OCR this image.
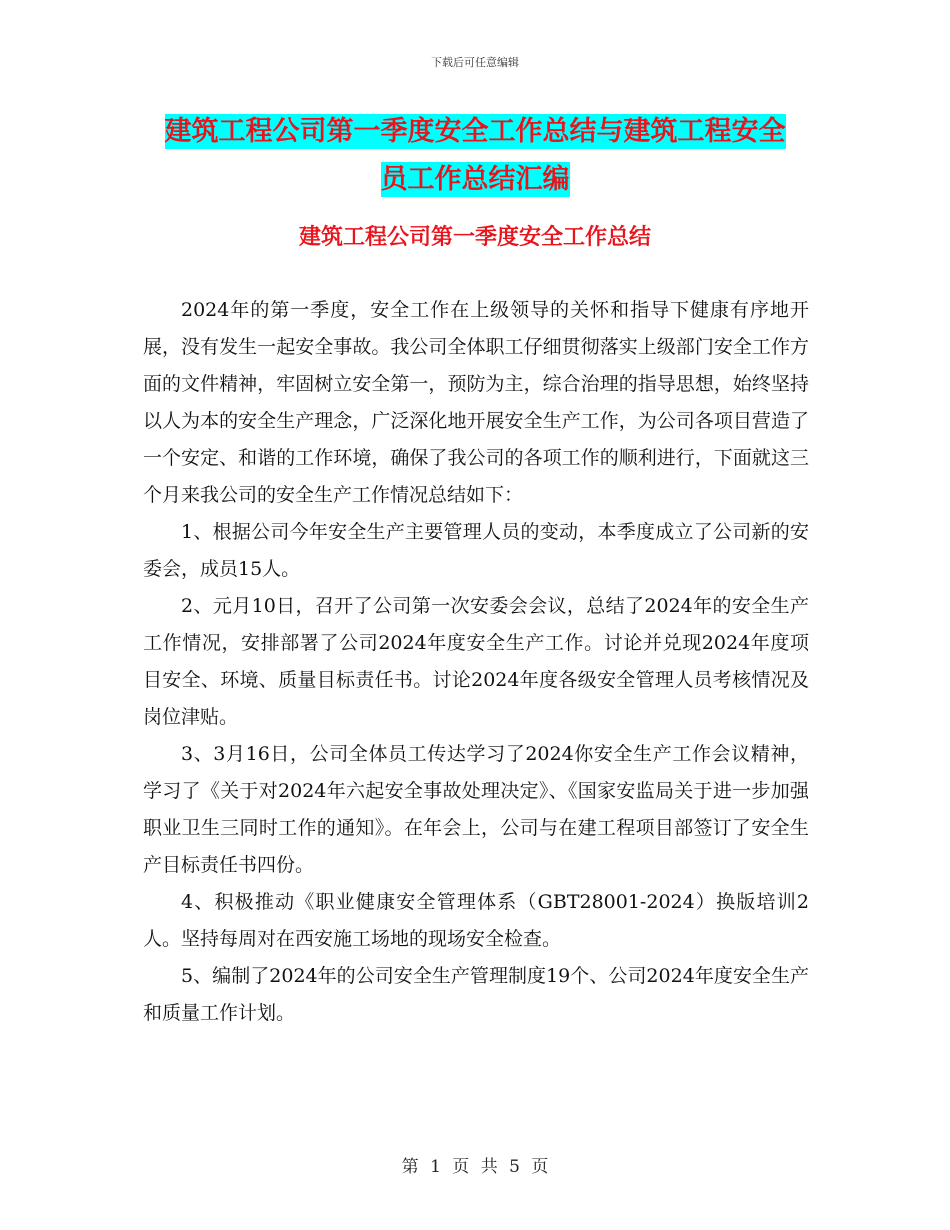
下载后可任意编辑
建筑工程公司第一季度安全工作总结与建筑工程安全
员工作总结汇编
建筑工程公司第一季度安全工作总结

2024年的第一季度，安全工作在上级领导的关怀和指导下健康有序地开展，没有发生一起安全事故。我公司全体职工仔细贯彻落实上级部门安全工作方面的文件精神，牢固树立安全第一，预防为主，综合治理的指导思想，始终坚持以人为本的安全生产理念，广泛深化地开展安全生产工作，为公司各项目营造了一个安定、和谐的工作环境，确保了我公司的各项工作的顺利进行，下面就这三个月来我公司的安全生产工作情况总结如下：

1、根据公司今年安全生产主要管理人员的变动，本季度成立了公司新的安委会，成员15人。

2、元月10日，召开了公司第一次安委会会议，总结了2024年的安全生产工作情况，安排部署了公司2024年度安全生产工作。讨论并兑现2024年度项目安全、环境、质量目标责任书。讨论2024年度各级安全管理人员考核情况及岗位津贴。

3、3月16日，公司全体员工传达学习了2024你安全生产工作会议精神，学习了《关于对2024年六起安全事故处理决定》、《国家安监局关于进一步加强职业卫生三同时工作的通知》。在年会上，公司与在建工程项目部签订了安全生产目标责任书四份。

4、积极推动《职业健康安全管理体系（GBT28001-2024）换版培训2人。坚持每周对在西安施工场地的现场安全检查。

5、编制了2024年的公司安全生产管理制度19个、公司2024年度安全生产和质量工作计划。

第 1 页 共 5 页
